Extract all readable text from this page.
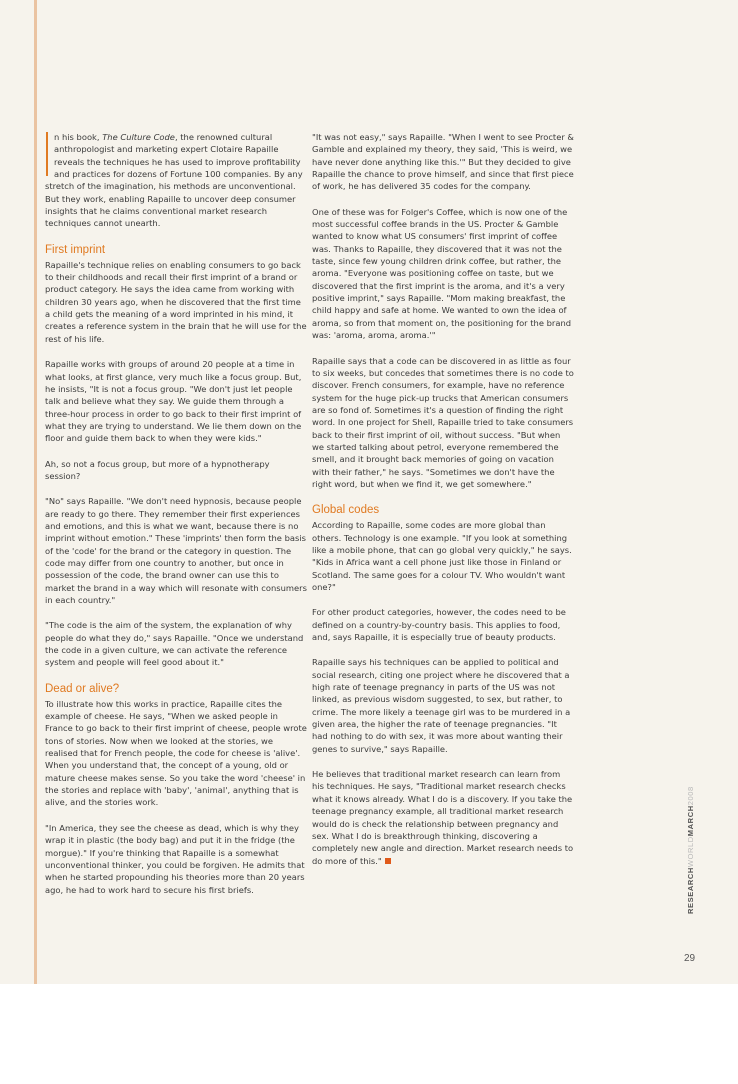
n his book, The Culture Code, the renowned cultural anthropologist and marketing expert Clotaire Rapaille reveals the techniques he has used to improve profitability and practices for dozens of Fortune 100 companies. By any stretch of the imagination, his methods are unconventional. But they work, enabling Rapaille to uncover deep consumer insights that he claims conventional market research techniques cannot unearth.

First imprint

Rapaille's technique relies on enabling consumers to go back to their childhoods and recall their first imprint of a brand or product category. He says the idea came from working with children 30 years ago, when he discovered that the first time a child gets the meaning of a word imprinted in his mind, it creates a reference system in the brain that he will use for the rest of his life.

Rapaille works with groups of around 20 people at a time in what looks, at first glance, very much like a focus group. But, he insists, "It is not a focus group. "We don't just let people talk and believe what they say. We guide them through a three-hour process in order to go back to their first imprint of what they are trying to understand. We lie them down on the floor and guide them back to when they were kids."

Ah, so not a focus group, but more of a hypnotherapy session?

"No" says Rapaille. "We don't need hypnosis, because people are ready to go there. They remember their first experiences and emotions, and this is what we want, because there is no imprint without emotion." These 'imprints' then form the basis of the 'code' for the brand or the category in question. The code may differ from one country to another, but once in possession of the code, the brand owner can use this to market the brand in a way which will resonate with consumers in each country."

"The code is the aim of the system, the explanation of why people do what they do," says Rapaille. "Once we understand the code in a given culture, we can activate the reference system and people will feel good about it."

Dead or alive?

To illustrate how this works in practice, Rapaille cites the example of cheese. He says, "When we asked people in France to go back to their first imprint of cheese, people wrote tons of stories. Now when we looked at the stories, we realised that for French people, the code for cheese is 'alive'. When you understand that, the concept of a young, old or mature cheese makes sense. So you take the word 'cheese' in the stories and replace with 'baby', 'animal', anything that is alive, and the stories work.

"In America, they see the cheese as dead, which is why they wrap it in plastic (the body bag) and put it in the fridge (the morgue)." If you're thinking that Rapaille is a somewhat unconventional thinker, you could be forgiven. He admits that when he started propounding his theories more than 20 years ago, he had to work hard to secure his first briefs.

"It was not easy," says Rapaille. "When I went to see Procter & Gamble and explained my theory, they said, 'This is weird, we have never done anything like this.'" But they decided to give Rapaille the chance to prove himself, and since that first piece of work, he has delivered 35 codes for the company.

One of these was for Folger's Coffee, which is now one of the most successful coffee brands in the US. Procter & Gamble wanted to know what US consumers' first imprint of coffee was. Thanks to Rapaille, they discovered that it was not the taste, since few young children drink coffee, but rather, the aroma. "Everyone was positioning coffee on taste, but we discovered that the first imprint is the aroma, and it's a very positive imprint," says Rapaille. "Mom making breakfast, the child happy and safe at home. We wanted to own the idea of aroma, so from that moment on, the positioning for the brand was: 'aroma, aroma, aroma.'"

Rapaille says that a code can be discovered in as little as four to six weeks, but concedes that sometimes there is no code to discover. French consumers, for example, have no reference system for the huge pick-up trucks that American consumers are so fond of. Sometimes it's a question of finding the right word. In one project for Shell, Rapaille tried to take consumers back to their first imprint of oil, without success. "But when we started talking about petrol, everyone remembered the smell, and it brought back memories of going on vacation with their father," he says. "Sometimes we don't have the right word, but when we find it, we get somewhere."

Global codes

According to Rapaille, some codes are more global than others. Technology is one example. "If you look at something like a mobile phone, that can go global very quickly," he says. "Kids in Africa want a cell phone just like those in Finland or Scotland. The same goes for a colour TV. Who wouldn't want one?"

For other product categories, however, the codes need to be defined on a country-by-country basis. This applies to food, and, says Rapaille, it is especially true of beauty products.

Rapaille says his techniques can be applied to political and social research, citing one project where he discovered that a high rate of teenage pregnancy in parts of the US was not linked, as previous wisdom suggested, to sex, but rather, to crime. The more likely a teenage girl was to be murdered in a given area, the higher the rate of teenage pregnancies. "It had nothing to do with sex, it was more about wanting their genes to survive," says Rapaille.

He believes that traditional market research can learn from his techniques. He says, "Traditional market research checks what it knows already. What I do is a discovery. If you take the teenage pregnancy example, all traditional market research would do is check the relationship between pregnancy and sex. What I do is breakthrough thinking, discovering a completely new angle and direction. Market research needs to do more of this."

RESEARCHWORLDMARCH2008
29
